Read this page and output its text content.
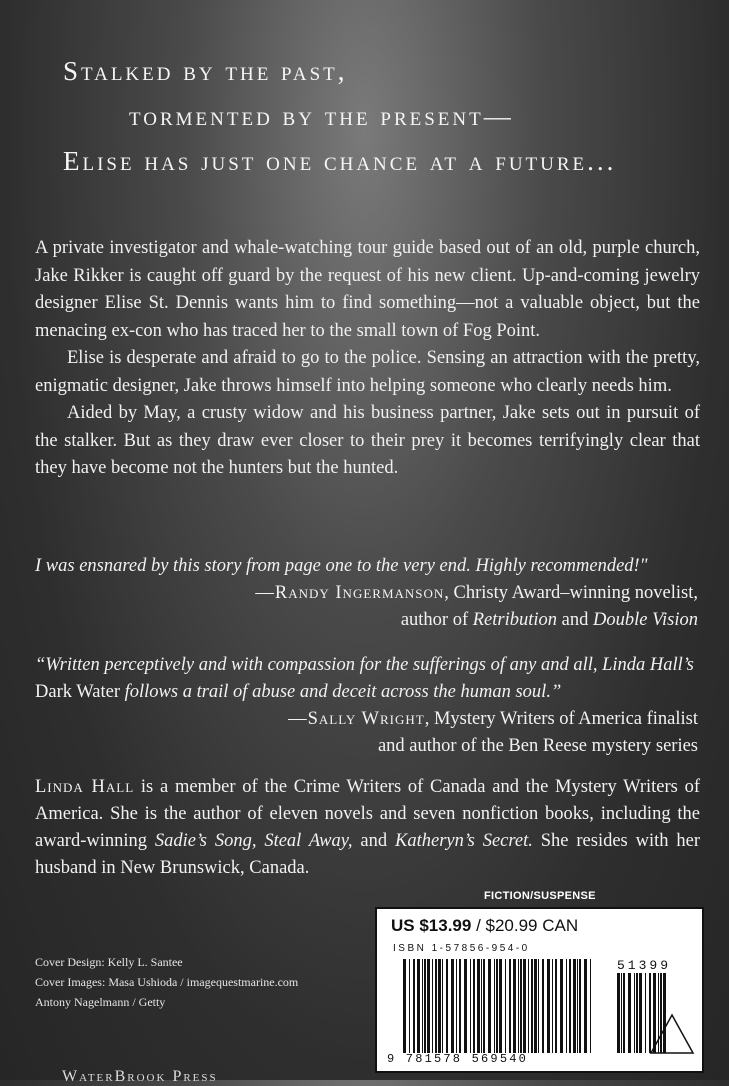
Stalked by the past,
tormented by the present—
Elise has just one chance at a future...

A private investigator and whale-watching tour guide based out of an old, purple church, Jake Rikker is caught off guard by the request of his new client. Up-and-coming jewelry designer Elise St. Dennis wants him to find something—not a valuable object, but the menacing ex-con who has traced her to the small town of Fog Point.

Elise is desperate and afraid to go to the police. Sensing an attraction with the pretty, enigmatic designer, Jake throws himself into helping someone who clearly needs him.

Aided by May, a crusty widow and his business partner, Jake sets out in pursuit of the stalker. But as they draw ever closer to their prey it becomes terrifyingly clear that they have become not the hunters but the hunted.

I was ensnared by this story from page one to the very end. Highly recommended!"

—Randy Ingermanson, Christy Award–winning novelist,

author of Retribution and Double Vision

“Written perceptively and with compassion for the sufferings of any and all, Linda Hall’s Dark Water follows a trail of abuse and deceit across the human soul.”

—Sally Wright, Mystery Writers of America finalist

and author of the Ben Reese mystery series

Linda Hall is a member of the Crime Writers of Canada and the Mystery Writers of America. She is the author of eleven novels and seven nonfiction books, including the award-winning Sadie’s Song, Steal Away, and Katheryn’s Secret. She resides with her husband in New Brunswick, Canada.

Cover Design: Kelly L. Santee
Cover Images: Masa Ushioda / imagequestmarine.com
Antony Nagelmann / Getty
WaterBrook Press
FICTION/SUSPENSE
US $13.99 / $20.99 CAN
ISBN 1-57856-954-0
51399
9 781578 569540
